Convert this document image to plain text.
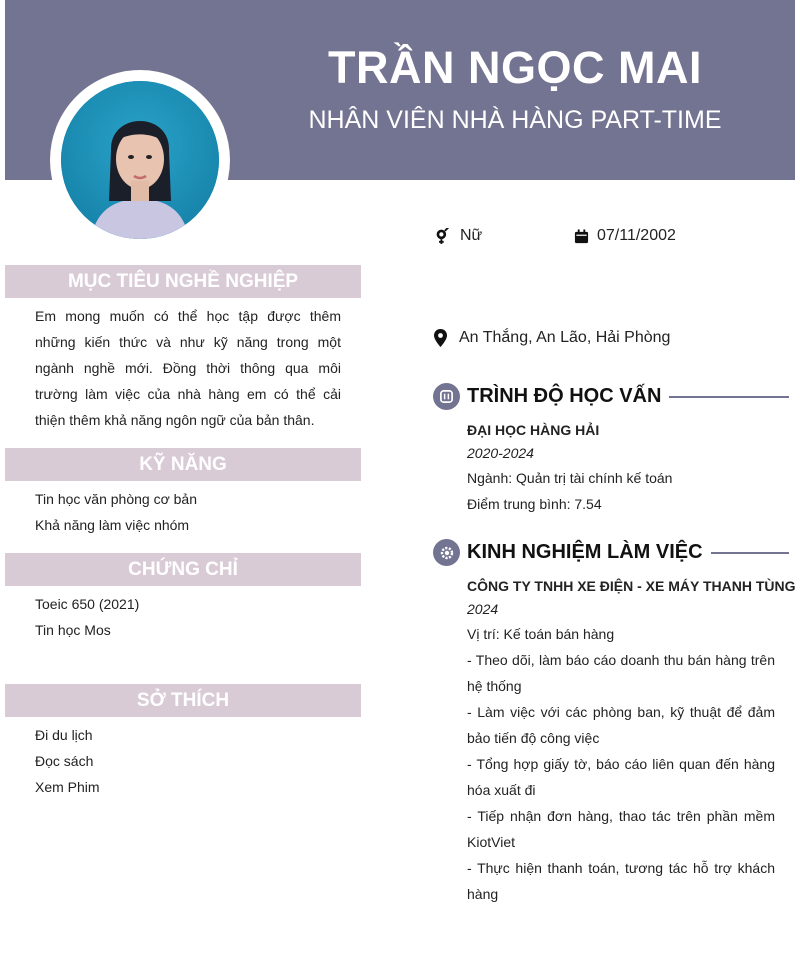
TRẦN NGỌC MAI
NHÂN VIÊN NHÀ HÀNG PART-TIME
Nữ	07/11/2002
An Thắng, An Lão, Hải Phòng
MỤC TIÊU NGHỀ NGHIỆP
Em mong muốn có thể học tập được thêm những kiến thức và như kỹ năng trong một ngành nghề mới. Đồng thời thông qua môi trường làm việc của nhà hàng em có thể cải thiện thêm khả năng ngôn ngữ của bản thân.
KỸ NĂNG
Tin học văn phòng cơ bản
Khả năng làm việc nhóm
CHỨNG CHỈ
Toeic 650 (2021)
Tin học Mos
SỞ THÍCH
Đi du lịch
Đọc sách
Xem Phim
TRÌNH ĐỘ HỌC VẤN
ĐẠI HỌC HÀNG HẢI
2020-2024
Ngành: Quản trị tài chính kế toán
Điểm trung bình: 7.54
KINH NGHIỆM LÀM VIỆC
CÔNG TY TNHH XE ĐIỆN - XE MÁY THANH TÙNG
2024
Vị trí: Kế toán bán hàng
- Theo dõi, làm báo cáo doanh thu bán hàng trên hệ thống
- Làm việc với các phòng ban, kỹ thuật để đảm bảo tiến độ công việc
- Tổng hợp giấy tờ, báo cáo liên quan đến hàng hóa xuất đi
- Tiếp nhận đơn hàng, thao tác trên phần mềm KiotViet
- Thực hiện thanh toán, tương tác hỗ trợ khách hàng
